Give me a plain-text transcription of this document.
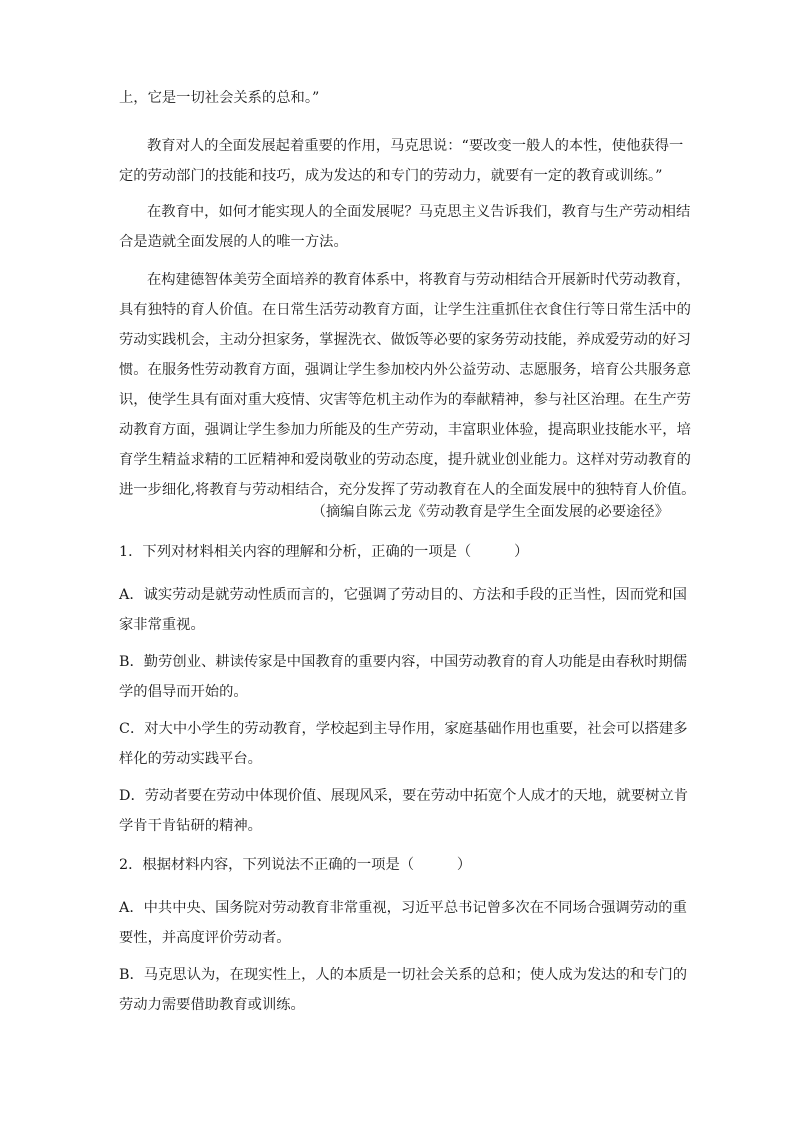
上，它是一切社会关系的总和。”
教育对人的全面发展起着重要的作用，马克思说：“要改变一般人的本性，使他获得一
定的劳动部门的技能和技巧，成为发达的和专门的劳动力，就要有一定的教育或训练。”
在教育中，如何才能实现人的全面发展呢？马克思主义告诉我们，教育与生产劳动相结
合是造就全面发展的人的唯一方法。
在构建德智体美劳全面培养的教育体系中，将教育与劳动相结合开展新时代劳动教育，
具有独特的育人价值。在日常生活劳动教育方面，让学生注重抓住衣食住行等日常生活中的
劳动实践机会，主动分担家务，掌握洗衣、做饭等必要的家务劳动技能，养成爱劳动的好习
惯。在服务性劳动教育方面，强调让学生参加校内外公益劳动、志愿服务，培育公共服务意
识，使学生具有面对重大疫情、灾害等危机主动作为的奉献精神，参与社区治理。在生产劳
动教育方面，强调让学生参加力所能及的生产劳动，丰富职业体验，提高职业技能水平，培
育学生精益求精的工匠精神和爱岗敬业的劳动态度，提升就业创业能力。这样对劳动教育的
进一步细化,将教育与劳动相结合，充分发挥了劳动教育在人的全面发展中的独特育人价值。
（摘编自陈云龙《劳动教育是学生全面发展的必要途径》
1．下列对材料相关内容的理解和分析，正确的一项是（　　　）
A．诚实劳动是就劳动性质而言的，它强调了劳动目的、方法和手段的正当性，因而党和国
家非常重视。
B．勤劳创业、耕读传家是中国教育的重要内容，中国劳动教育的育人功能是由春秋时期儒
学的倡导而开始的。
C．对大中小学生的劳动教育，学校起到主导作用，家庭基础作用也重要，社会可以搭建多
样化的劳动实践平台。
D．劳动者要在劳动中体现价值、展现风采，要在劳动中拓宽个人成才的天地，就要树立肯
学肯干肯钻研的精神。
2．根据材料内容，下列说法不正确的一项是（　　　）
A．中共中央、国务院对劳动教育非常重视，习近平总书记曾多次在不同场合强调劳动的重
要性，并高度评价劳动者。
B．马克思认为，在现实性上，人的本质是一切社会关系的总和；使人成为发达的和专门的
劳动力需要借助教育或训练。
